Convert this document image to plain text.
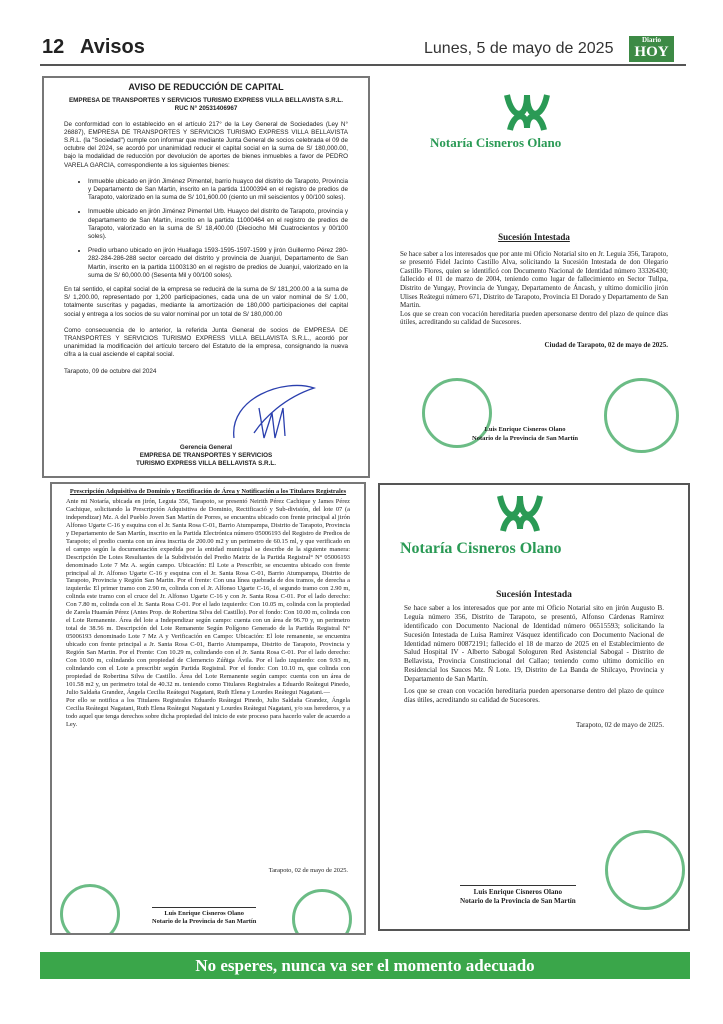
12 Avisos	Lunes, 5 de mayo de 2025	Diario
HOY
AVISO DE REDUCCIÓN DE CAPITAL
EMPRESA DE TRANSPORTES Y SERVICIOS TURISMO EXPRESS VILLA BELLAVISTA S.R.L.
RUC N° 20531406967

De conformidad con lo establecido en el artículo 217° de la Ley General de Sociedades (Ley N° 26887), EMPRESA DE TRANSPORTES Y SERVICIOS TURISMO EXPRESS VILLA BELLAVISTA S.R.L. (la "Sociedad") cumple con informar que mediante Junta General de socios celebrada el 09 de octubre del 2024, se acordó por unanimidad reducir el capital social en la suma de S/ 180,000.00, bajo la modalidad de reducción por devolución de aportes de bienes inmuebles a favor de PEDRO VARELA GARCIA, correspondiente a los siguientes bienes:

• Inmueble ubicado en jirón Jiménez Pimentel, barrio huayco del distrito de Tarapoto, Provincia y Departamento de San Martin, inscrito en la partida 11000394 en el registro de predios de Tarapoto, valorizado en la suma de S/ 101,600.00 (ciento un mil seiscientos y 00/100 soles).
• Inmueble ubicado en jirón Jiménez Pimentel Urb. Huayco del distrito de Tarapoto, provincia y departamento de San Martin, inscrito en la partida 11000464 en el registro de predios de Tarapoto, valorizado en la suma de S/ 18,400.00 (Dieciocho Mil Cuatrocientos y 00/100 soles).
• Predio urbano ubicado en jirón Huallaga 1593-1595-1597-1599 y jirón Guillermo Pérez 280-282-284-286-288 sector cercado del distrito y provincia de Juanjuí, Departamento de San Martin, inscrito en la partida 11003130 en el registro de predios de Juanjuí, valorizado en la suma de S/ 60,000.00 (Sesenta Mil y 00/100 soles).

En tal sentido, el capital social de la empresa se reducirá de la suma de S/ 181,200.00 a la suma de S/ 1,200.00, representado por 1,200 participaciones, cada una de un valor nominal de S/ 1.00, totalmente suscritas y pagadas, mediante la amortización de 180,000 participaciones del capital social y entrega a los socios de su valor nominal por un total de S/ 180,000.00

Como consecuencia de lo anterior, la referida Junta General de socios de EMPRESA DE TRANSPORTES Y SERVICIOS TURISMO EXPRESS VILLA BELLAVISTA S.R.L., acordó por unanimidad la modificación del artículo tercero del Estatuto de la empresa, consignando la nueva cifra a la cual asciende el capital social.

Tarapoto, 09 de octubre del 2024
Gerencia General
EMPRESA DE TRANSPORTES Y SERVICIOS
TURISMO EXPRESS VILLA BELLAVISTA S.R.L.
Notaría Cisneros Olano
Sucesión Intestada

Se hace saber a los interesados que por ante mi Oficio Notarial sito en Jr. Leguia 356, Tarapoto, se presentó Fidel Jacinto Castillo Alva, solicitando la Sucesión Intestada de don Olegario Castillo Flores, quien se identificó con Documento Nacional de Identidad número 33326430; fallecido el 01 de marzo de 2004, teniendo como lugar de fallecimiento en Sector Tullpa, Distrito de Yungay, Provincia de Yungay, Departamento de Áncash, y ultimo domicilio jirón Ulises Reátegui número 671, Distrito de Tarapoto, Provincia El Dorado y Departamento de San Martin.

Los que se crean con vocación hereditaria pueden apersonarse dentro del plazo de quince días útiles, acreditando su calidad de Sucesores.

Ciudad de Tarapoto, 02 de mayo de 2025.
Luis Enrique Cisneros Olano
Notario de la Provincia de San Martín
Prescripción Adquisitiva de Dominio y Rectificación de Área y Notificación a los Titulares Registrales

Ante mi Notaría, ubicada en jirón, Leguia 356, Tarapoto, se presentó Neirith Pérez Cachique y James Pérez Cachique, solicitando la Prescripción Adquisitiva de Dominio, Rectificació y Sub-división, del lote 07 (a independizar) Mz. A del Pueblo Joven San Martín de Porres, se encuentra ubicado con frente principal al jirón Alfonso Ugarte C-16 y esquina con el Jr. Santa Rosa C-01, Barrio Atumpampa, Distrito de Tarapoto, Provincia y Departamento de San Martín, inscrito en la Partida Electrónica número 05006193 del Registro de Predios de Tarapoto; el predio cuenta con un área inscrita de 200.00 m2 y un perimetro de 60.15 ml, y que verificado en el campo según la documentación expedida por la entidad municipal se describe de la siguiente manera: Descripción De Lotes Resultantes de la Subdivisión del Predio Matriz de la Partida Registral° N° 05006193 denominado Lote 7 Mz A. según campo. Ubicación: El Lote a Prescribir, se encuentra ubicado con frente principal al Jr. Alfonso Ugarte C-16 y esquina con el Jr. Santa Rosa C-01, Barrio Atumpampa, Distrito de Tarapoto, Provincia y Región San Martin. Por el frente: Con una línea quebrada de dos tramos, de derecha a izquierda: El primer tramo con 2.90 m, colinda con el Jr. Alfonso Ugarte C-16, el segundo tramo con 2.90 m, colinda este tramo con el cruce del Jr. Alfonso Ugarte C-16 y con Jr. Santa Rosa C-01. Por el lado derecho: Con 7.80 m, colinda con el Jr. Santa Rosa C-01. Por el lado izquierdo: Con 10.05 m, colinda con la propiedad de Zarela Huamán Pérez (Antes Prop. de Robertina Silva del Castillo). Por el fondo: Con 10.00 m, colinda con el Lote Remanente. Área del lote a Independizar según campo: cuenta con un área de 96.70 y, un perimetro total de 38.56 m. Descripción del Lote Remanente Según Polígono Generado de la Partida Registral N° 05006193 denominado Lote 7 Mz A y Verificación en Campo: Ubicación: El lote remanente, se encuentra ubicado con frente principal a Jr. Santa Rosa C-01, Barrio Atumpampa, Distrito de Tarapoto, Provincia y Región San Martin. Por el Frente: Con 10.29 m, colindando con el Jr. Santa Rosa C-01. Por el lado derecho: Con 10.00 m, colindando con propiedad de Clemencio Zúñiga Ávila. Por el lado izquierdo: con 9.93 m, colindando con el Lote a prescribir según Partida Registral. Por el fondo: Con 10.10 m, que colinda con propiedad de Robertina Silva de Castillo. Área del Lote Remanente según campo: cuenta con un área de 101.58 m2 y, un perimetro total de 40.32 m. teniendo como Titulares Registrales a Eduardo Reátegui Pinedo, Julio Saldaña Grandez, Ángela Cecilia Reátegui Nagatani, Ruth Elena y Lourdes Reátegui Nagatani.—

Por ello se notifica a los Titulares Registrales Eduardo Reátegui Pinedo, Julio Saldaña Grandez, Ángela Cecilia Reátegui Nagatani, Ruth Elena Reátegui Nagatani y Lourdes Reátegui Nagatani, y/o sus herederos, y a todo aquel que tenga derechos sobre dicha propiedad del inicio de este proceso para hacerlo valer de acuerdo a Ley.

Tarapoto, 02 de mayo de 2025.
Luis Enrique Cisneros Olano
Notario de la Provincia de San Martín
Notaría Cisneros Olano
Sucesión Intestada

Se hace saber a los interesados que por ante mi Oficio Notarial sito en jirón Augusto B. Leguía número 356, Distrito de Tarapoto, se presentó, Alfonso Cárdenas Ramírez identificado con Documento Nacional de Identidad número 06515593; solicitando la Sucesión Intestada de Luisa Ramírez Vásquez identificado con Documento Nacional de Identidad número 00872191; fallecido el 18 de marzo de 2025 en el Establecimiento de Salud Hospital IV - Alberto Sabogal Sologuren Red Asistencial Sabogal - Distrito de Bellavista, Provincia Constitucional del Callao; teniendo como ultimo domicilio en Residencial los Sauces Mz. Ñ Lote. 19, Distrito de La Banda de Shilcayo, Provincia y Departamento de San Martín.

Los que se crean con vocación hereditaria pueden apersonarse dentro del plazo de quince días útiles, acreditando su calidad de Sucesores.

Tarapoto, 02 de mayo de 2025.
Luis Enrique Cisneros Olano
Notario de la Provincia de San Martín
No esperes, nunca va ser el momento adecuado
